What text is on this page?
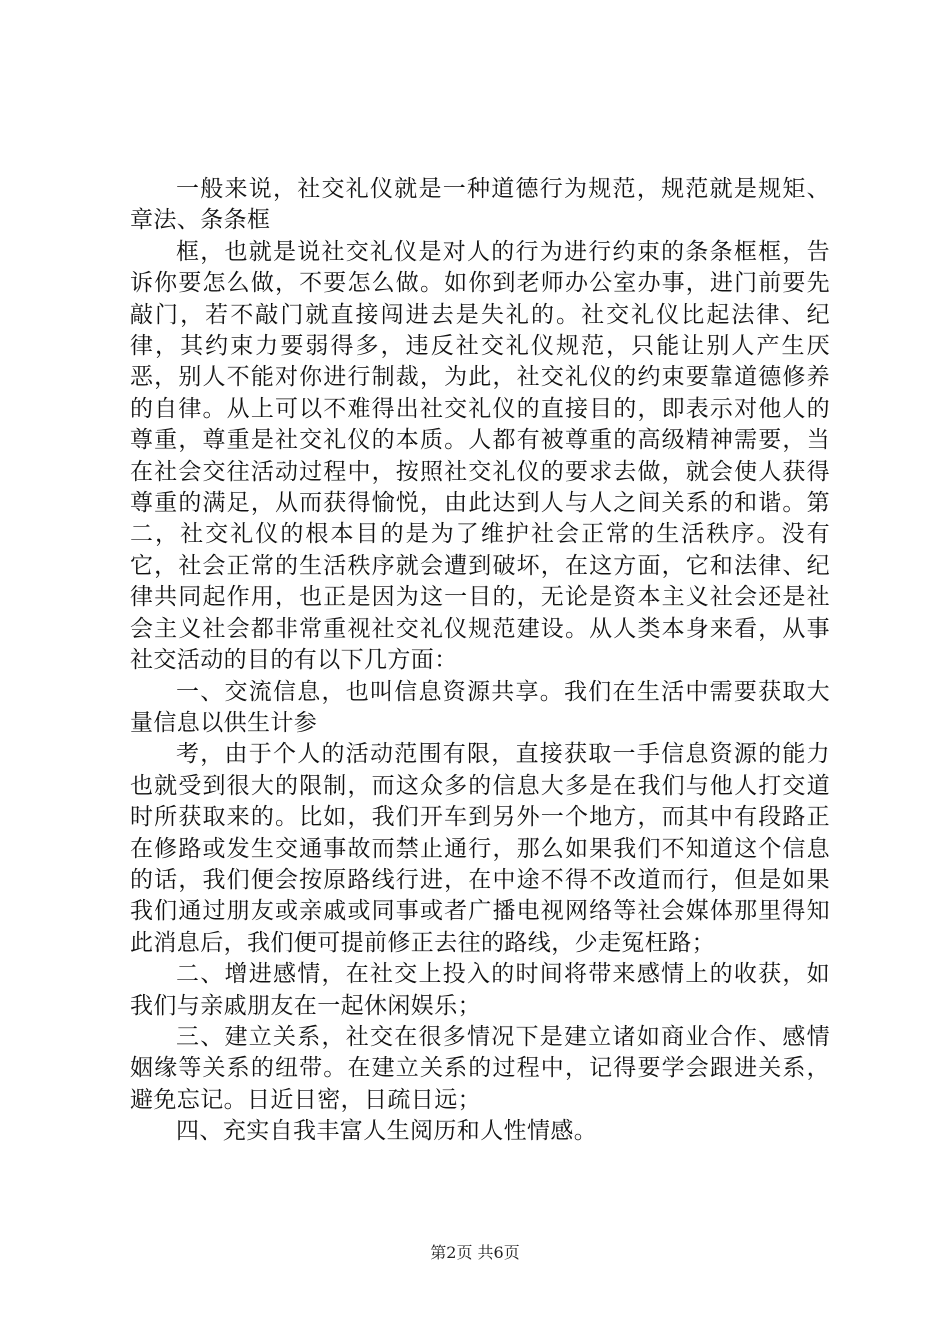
一般来说，社交礼仪就是一种道德行为规范，规范就是规矩、章法、条条框

框，也就是说社交礼仪是对人的行为进行约束的条条框框，告诉你要怎么做，不要怎么做。如你到老师办公室办事，进门前要先敲门，若不敲门就直接闯进去是失礼的。社交礼仪比起法律、纪律，其约束力要弱得多，违反社交礼仪规范，只能让别人产生厌恶，别人不能对你进行制裁，为此，社交礼仪的约束要靠道德修养的自律。从上可以不难得出社交礼仪的直接目的，即表示对他人的尊重，尊重是社交礼仪的本质。人都有被尊重的高级精神需要，当在社会交往活动过程中，按照社交礼仪的要求去做，就会使人获得尊重的满足，从而获得愉悦，由此达到人与人之间关系的和谐。第二，社交礼仪的根本目的是为了维护社会正常的生活秩序。没有它，社会正常的生活秩序就会遭到破坏，在这方面，它和法律、纪律共同起作用，也正是因为这一目的，无论是资本主义社会还是社会主义社会都非常重视社交礼仪规范建设。从人类本身来看，从事社交活动的目的有以下几方面：

一、交流信息，也叫信息资源共享。我们在生活中需要获取大量信息以供生计参

考，由于个人的活动范围有限，直接获取一手信息资源的能力也就受到很大的限制，而这众多的信息大多是在我们与他人打交道时所获取来的。比如，我们开车到另外一个地方，而其中有段路正在修路或发生交通事故而禁止通行，那么如果我们不知道这个信息的话，我们便会按原路线行进，在中途不得不改道而行，但是如果我们通过朋友或亲戚或同事或者广播电视网络等社会媒体那里得知此消息后，我们便可提前修正去往的路线，少走冤枉路；

二、增进感情，在社交上投入的时间将带来感情上的收获，如我们与亲戚朋友在一起休闲娱乐；

三、建立关系，社交在很多情况下是建立诸如商业合作、感情姻缘等关系的纽带。在建立关系的过程中，记得要学会跟进关系，避免忘记。日近日密，日疏日远；

四、充实自我丰富人生阅历和人性情感。

第2页 共6页
